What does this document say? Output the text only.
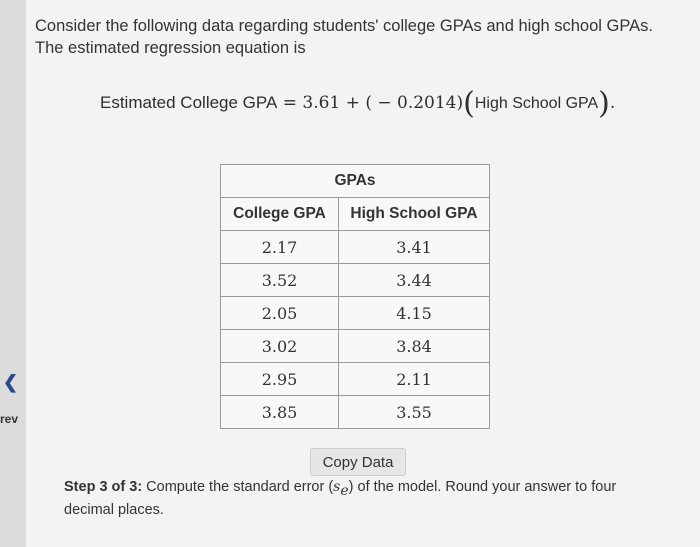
❮
rev
Consider the following data regarding students' college GPAs and high school GPAs.
The estimated regression equation is
Estimated College GPA = 3.61 + ( − 0.2014)(High School GPA).
GPAs	
College GPA	High School GPA
2.17	3.41
3.52	3.44
2.05	4.15
3.02	3.84
2.95	2.11
3.85	3.55
Copy Data
Step 3 of 3: Compute the standard error $(s_e)$ of the model. Round your answer to four decimal places.
